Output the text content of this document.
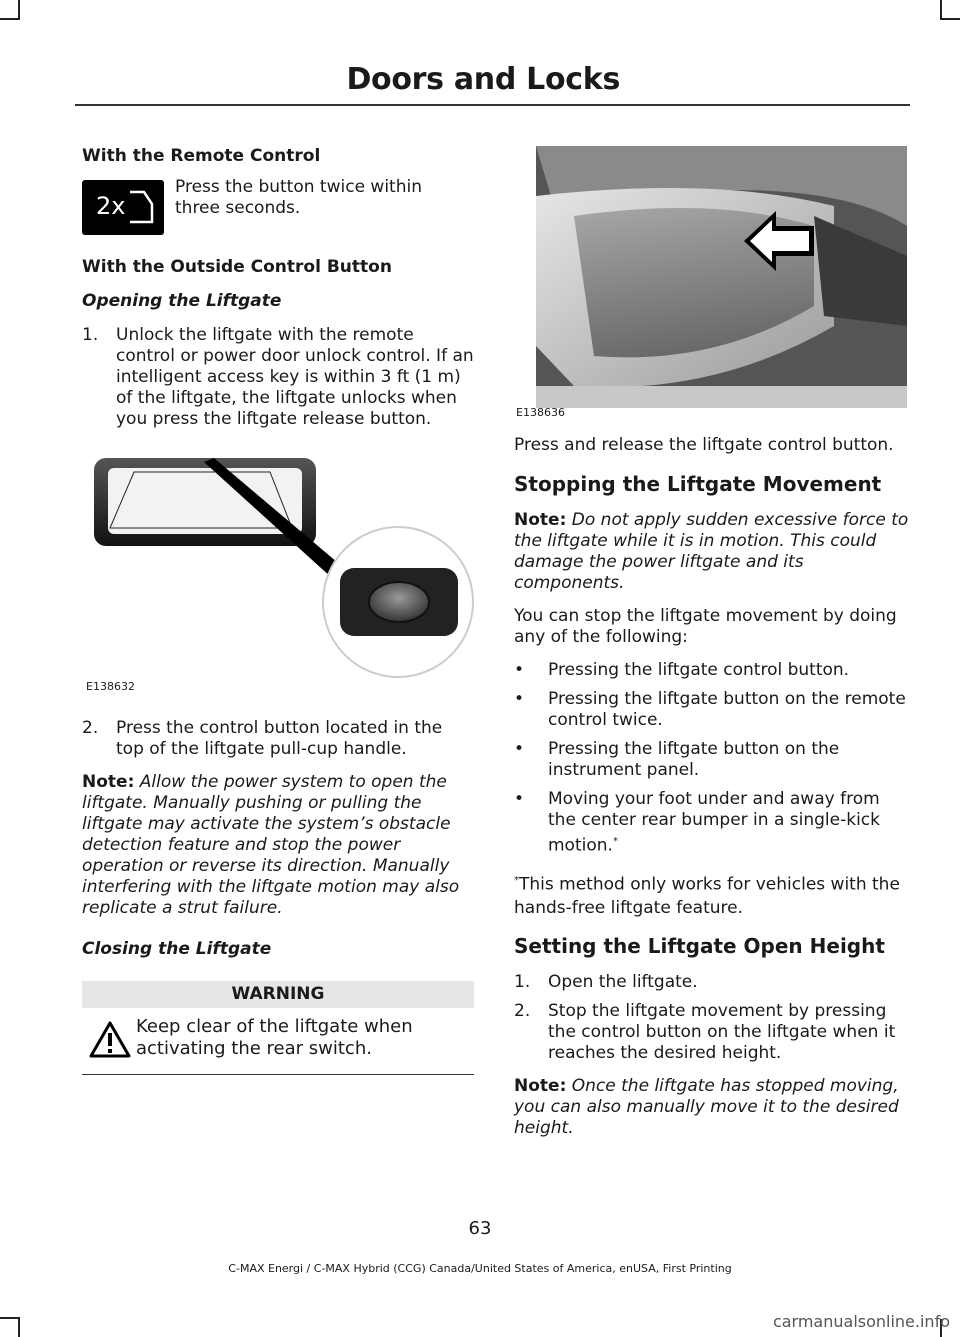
Doors and Locks
With the Remote Control
2x
Press the button twice within three seconds.
With the Outside Control Button
Opening the Liftgate
1.	Unlock the liftgate with the remote control or power door unlock control. If an intelligent access key is within 3 ft (1 m) of the liftgate, the liftgate unlocks when you press the liftgate release button.
E138632
2.	Press the control button located in the top of the liftgate pull-cup handle.

Note: Allow the power system to open the liftgate. Manually pushing or pulling the liftgate may activate the system’s obstacle detection feature and stop the power operation or reverse its direction. Manually interfering with the liftgate motion may also replicate a strut failure.

Closing the Liftgate
WARNING
Keep clear of the liftgate when activating the rear switch.
E138636

Press and release the liftgate control button.

Stopping the Liftgate Movement

Note: Do not apply sudden excessive force to the liftgate while it is in motion. This could damage the power liftgate and its components.

You can stop the liftgate movement by doing any of the following:

•	Pressing the liftgate control button.
•	Pressing the liftgate button on the remote control twice.
•	Pressing the liftgate button on the instrument panel.
•	Moving your foot under and away from the center rear bumper in a single-kick motion.*

*This method only works for vehicles with the hands-free liftgate feature.

Setting the Liftgate Open Height
1.	Open the liftgate.
2.	Stop the liftgate movement by pressing the control button on the liftgate when it reaches the desired height.

Note: Once the liftgate has stopped moving, you can also manually move it to the desired height.

63
C-MAX Energi / C-MAX Hybrid (CCG) Canada/United States of America, enUSA, First Printing
carmanualsonline.info
